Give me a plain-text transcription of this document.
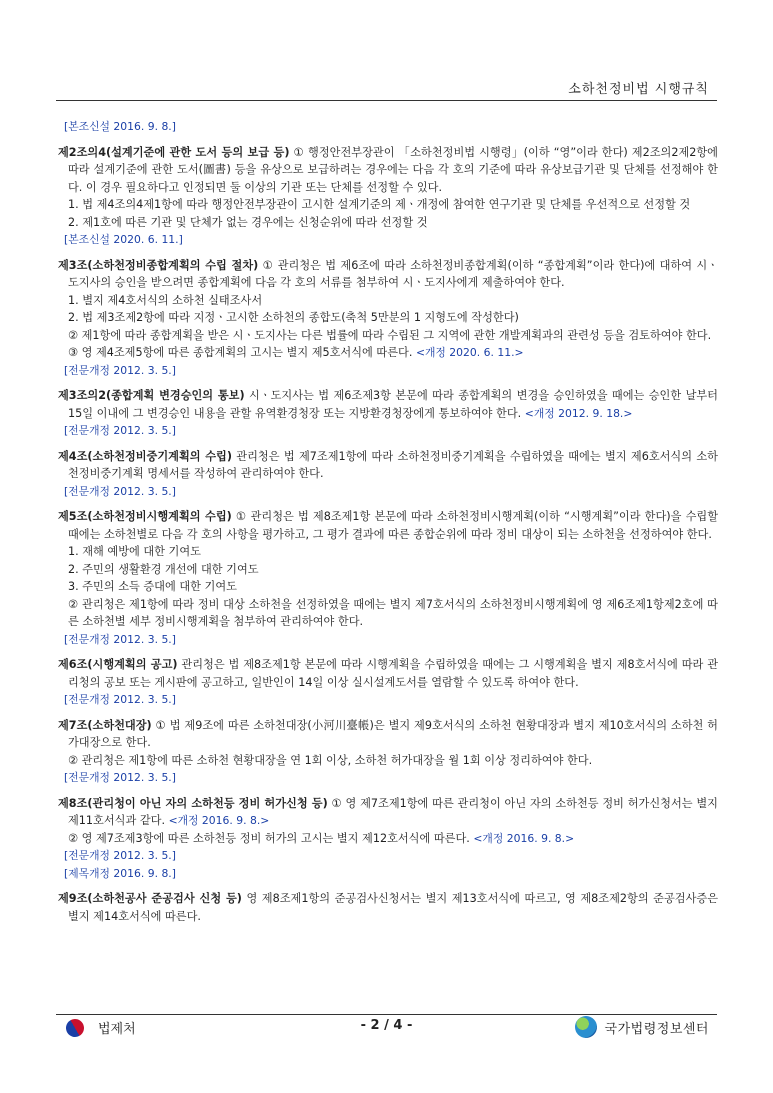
소하천정비법 시행규칙
[본조신설 2016. 9. 8.]

제2조의4(설계기준에 관한 도서 등의 보급 등) ① 행정안전부장관이 「소하천정비법 시행령」(이하 “영”이라 한다) 제2조의2제2항에 따라 설계기준에 관한 도서(圖書) 등을 유상으로 보급하려는 경우에는 다음 각 호의 기준에 따라 유상보급기관 및 단체를 선정해야 한다. 이 경우 필요하다고 인정되면 둘 이상의 기관 또는 단체를 선정할 수 있다.

1. 법 제4조의4제1항에 따라 행정안전부장관이 고시한 설계기준의 제ㆍ개정에 참여한 연구기관 및 단체를 우선적으로 선정할 것

2. 제1호에 따른 기관 및 단체가 없는 경우에는 신청순위에 따라 선정할 것

[본조신설 2020. 6. 11.]

제3조(소하천정비종합계획의 수립 절차) ① 관리청은 법 제6조에 따라 소하천정비종합계획(이하 “종합계획”이라 한다)에 대하여 시ㆍ도지사의 승인을 받으려면 종합계획에 다음 각 호의 서류를 첨부하여 시ㆍ도지사에게 제출하여야 한다.

1. 별지 제4호서식의 소하천 실태조사서

2. 법 제3조제2항에 따라 지정ㆍ고시한 소하천의 종합도(축척 5만분의 1 지형도에 작성한다)

② 제1항에 따라 종합계획을 받은 시ㆍ도지사는 다른 법률에 따라 수립된 그 지역에 관한 개발계획과의 관련성 등을 검토하여야 한다.

③ 영 제4조제5항에 따른 종합계획의 고시는 별지 제5호서식에 따른다. <개정 2020. 6. 11.>

[전문개정 2012. 3. 5.]

제3조의2(종합계획 변경승인의 통보) 시ㆍ도지사는 법 제6조제3항 본문에 따라 종합계획의 변경을 승인하였을 때에는 승인한 날부터 15일 이내에 그 변경승인 내용을 관할 유역환경청장 또는 지방환경청장에게 통보하여야 한다. <개정 2012. 9. 18.>

[전문개정 2012. 3. 5.]

제4조(소하천정비중기계획의 수립) 관리청은 법 제7조제1항에 따라 소하천정비중기계획을 수립하였을 때에는 별지 제6호서식의 소하천정비중기계획 명세서를 작성하여 관리하여야 한다.

[전문개정 2012. 3. 5.]

제5조(소하천정비시행계획의 수립) ① 관리청은 법 제8조제1항 본문에 따라 소하천정비시행계획(이하 “시행계획”이라 한다)을 수립할 때에는 소하천별로 다음 각 호의 사항을 평가하고, 그 평가 결과에 따른 종합순위에 따라 정비 대상이 되는 소하천을 선정하여야 한다.

1. 재해 예방에 대한 기여도

2. 주민의 생활환경 개선에 대한 기여도

3. 주민의 소득 증대에 대한 기여도

② 관리청은 제1항에 따라 정비 대상 소하천을 선정하였을 때에는 별지 제7호서식의 소하천정비시행계획에 영 제6조제1항제2호에 따른 소하천별 세부 정비시행계획을 첨부하여 관리하여야 한다.

[전문개정 2012. 3. 5.]

제6조(시행계획의 공고) 관리청은 법 제8조제1항 본문에 따라 시행계획을 수립하였을 때에는 그 시행계획을 별지 제8호서식에 따라 관리청의 공보 또는 게시판에 공고하고, 일반인이 14일 이상 실시설계도서를 열람할 수 있도록 하여야 한다.

[전문개정 2012. 3. 5.]

제7조(소하천대장) ① 법 제9조에 따른 소하천대장(小河川臺帳)은 별지 제9호서식의 소하천 현황대장과 별지 제10호서식의 소하천 허가대장으로 한다.

② 관리청은 제1항에 따른 소하천 현황대장을 연 1회 이상, 소하천 허가대장을 월 1회 이상 정리하여야 한다.

[전문개정 2012. 3. 5.]

제8조(관리청이 아닌 자의 소하천등 정비 허가신청 등) ① 영 제7조제1항에 따른 관리청이 아닌 자의 소하천등 정비 허가신청서는 별지 제11호서식과 같다. <개정 2016. 9. 8.>

② 영 제7조제3항에 따른 소하천등 정비 허가의 고시는 별지 제12호서식에 따른다. <개정 2016. 9. 8.>

[전문개정 2012. 3. 5.]
[제목개정 2016. 9. 8.]

제9조(소하천공사 준공검사 신청 등) 영 제8조제1항의 준공검사신청서는 별지 제13호서식에 따르고, 영 제8조제2항의 준공검사증은 별지 제14호서식에 따른다.

법제처	- 2 / 4 -	국가법령정보센터
